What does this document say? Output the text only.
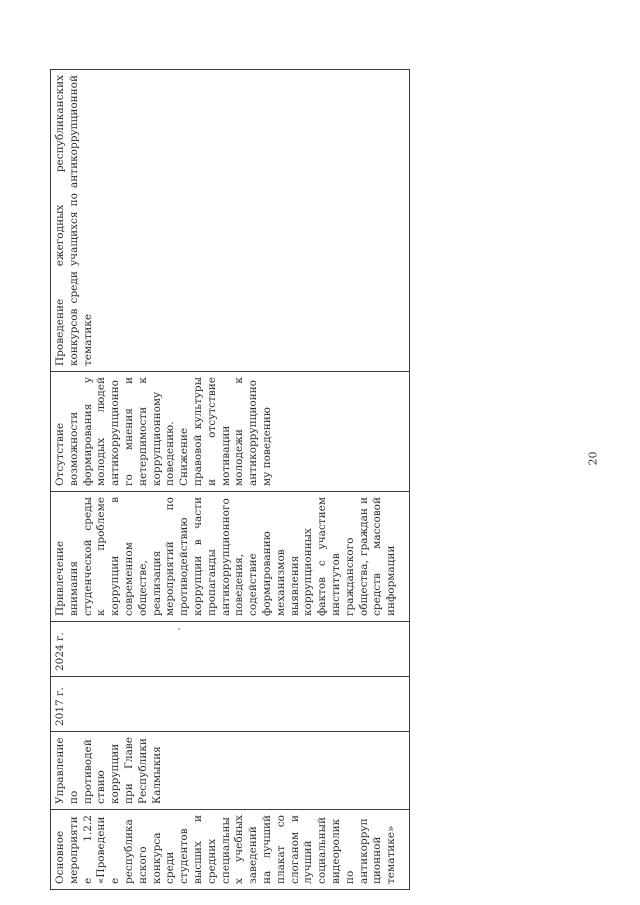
Основное мероприятие 1.2.2 «Проведение республиканского конкурса среди студентов высших и средних специальных учебных заведений на лучший плакат со слоганом и лучший социальный видеоролик по антикоррупционной тематике»	Управление по противодействию коррупции при Главе Республики Калмыкия	2017 г.	2024 г.	Привлечение внимания студенческой среды к проблеме коррупции в современном обществе, реализация мероприятий по противодействию коррупции в части пропаганды антикоррупционного поведения, содействие формированию механизмов выявления коррупционных фактов с участием институтов гражданского общества, граждан и средств массовой информации	Отсутствие возможности формирования у молодых людей антикоррупционного мнения и нетерпимости к коррупционному поведению. Снижение правовой культуры и отсутствие мотивации молодежи к антикоррупционному поведению	Проведение ежегодных республиканских конкурсов среди учащихся по антикоррупционной тематике
20
